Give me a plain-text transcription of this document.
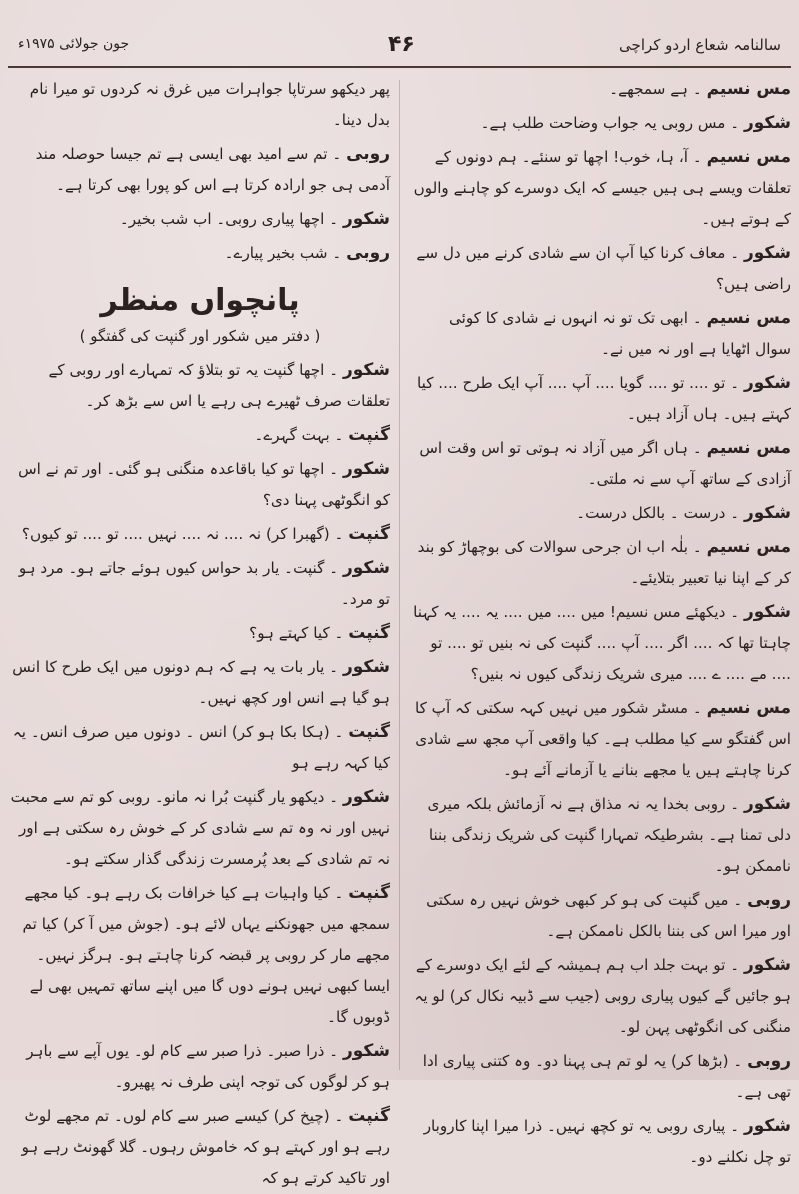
سالنامہ شعاع اردو کراچی
۴۶
جون جولائی ۱۹۷۵ء

مس نسیم ۔ ہے سمجھے۔

شکور ۔ مس روبی یہ جواب وضاحت طلب ہے۔

مس نسیم ۔ آ، ہا، خوب! اچھا تو سنئے۔ ہم دونوں کے تعلقات ویسے ہی ہیں جیسے کہ ایک دوسرے کو چاہنے والوں کے ہوتے ہیں۔

شکور ۔ معاف کرنا کیا آپ ان سے شادی کرنے میں دل سے راضی ہیں؟

مس نسیم ۔ ابھی تک تو نہ انہوں نے شادی کا کوئی سوال اٹھایا ہے اور نہ میں نے۔

شکور ۔ تو .... تو .... گویا .... آپ .... آپ ایک طرح .... کیا کہتے ہیں۔ ہاں آزاد ہیں۔

مس نسیم ۔ ہاں اگر میں آزاد نہ ہوتی تو اس وقت اس آزادی کے ساتھ آپ سے نہ ملتی۔

شکور ۔ درست ۔ بالکل درست۔

مس نسیم ۔ بلٰہ اب ان جرحی سوالات کی بوچھاڑ کو بند کر کے اپنا نیا تعبیر بتلایئے۔

شکور ۔ دیکھئے مس نسیم! میں .... میں .... یہ .... یہ کہنا چاہتا تھا کہ .... اگر .... آپ .... گنپت کی نہ بنیں تو .... تو .... مے .... ے .... میری شریک زندگی کیوں نہ بنیں؟

مس نسیم ۔ مسٹر شکور میں نہیں کہہ سکتی کہ آپ کا اس گفتگو سے کیا مطلب ہے۔ کیا واقعی آپ مجھ سے شادی کرنا چاہتے ہیں یا مجھے بنانے یا آزمانے آئے ہو۔

شکور ۔ روبی بخدا یہ نہ مذاق ہے نہ آزمائش بلکہ میری دلی تمنا ہے۔ بشرطیکہ تمہارا گنپت کی شریک زندگی بننا ناممکن ہو۔

روبی ۔ میں گنپت کی ہو کر کبھی خوش نہیں رہ سکتی اور میرا اس کی بننا بالکل ناممکن ہے۔

شکور ۔ تو بہت جلد اب ہم ہمیشہ کے لئے ایک دوسرے کے ہو جائیں گے کیوں پیاری روبی (جیب سے ڈبیہ نکال کر) لو یہ منگنی کی انگوٹھی پہن لو۔

روبی ۔ (بڑھا کر) یہ لو تم ہی پہنا دو۔ وہ کتنی پیاری ادا تھی ہے۔

شکور ۔ پیاری روبی یہ تو کچھ نہیں۔ ذرا میرا اپنا کاروبار تو چل نکلنے دو۔

پھر دیکھو سرتاپا جواہرات میں غرق نہ کردوں تو میرا نام بدل دینا۔

روبی ۔ تم سے امید بھی ایسی ہے تم جیسا حوصلہ مند آدمی ہی جو ارادہ کرتا ہے اس کو پورا بھی کرتا ہے۔

شکور ۔ اچھا پیاری روبی۔ اب شب بخیر۔

روبی ۔ شب بخیر پیارے۔

پانچواں منظر
( دفتر میں شکور اور گنپت کی گفتگو )

شکور ۔ اچھا گنپت یہ تو بتلاؤ کہ تمہارے اور روبی کے تعلقات صرف ٹھیرے ہی رہے یا اس سے بڑھ کر۔

گنپت ۔ بہت گہرے۔

شکور ۔ اچھا تو کیا باقاعدہ منگنی ہو گئی۔ اور تم نے اس کو انگوٹھی پہنا دی؟

گنپت ۔ (گھبرا کر) نہ .... نہ .... نہیں .... تو .... تو کیوں؟

شکور ۔ گنپت۔ یار بد حواس کیوں ہوئے جاتے ہو۔ مرد ہو تو مرد۔

گنپت ۔ کیا کہتے ہو؟

شکور ۔ یار بات یہ ہے کہ ہم دونوں میں ایک طرح کا انس ہو گیا ہے انس اور کچھ نہیں۔

گنپت ۔ (ہکا بکا ہو کر) انس ۔ دونوں میں صرف انس۔ یہ کیا کہہ رہے ہو

شکور ۔ دیکھو یار گنپت بُرا نہ مانو۔ روبی کو تم سے محبت نہیں اور نہ وہ تم سے شادی کر کے خوش رہ سکتی ہے اور نہ تم شادی کے بعد پُرمسرت زندگی گذار سکتے ہو۔

گنپت ۔ کیا واہیات ہے کیا خرافات بک رہے ہو۔ کیا مجھے سمجھ میں جھونکنے یہاں لائے ہو۔ (جوش میں آ کر) کیا تم مجھے مار کر روبی پر قبضہ کرنا چاہتے ہو۔ ہرگز نہیں۔ ایسا کبھی نہیں ہونے دوں گا میں اپنے ساتھ تمہیں بھی لے ڈوبوں گا۔

شکور ۔ ذرا صبر۔ ذرا صبر سے کام لو۔ یوں آپے سے باہر ہو کر لوگوں کی توجہ اپنی طرف نہ پھیرو۔

گنپت ۔ (چیخ کر) کیسے صبر سے کام لوں۔ تم مجھے لوٹ رہے ہو اور کہتے ہو کہ خاموش رہوں۔ گلا گھونٹ رہے ہو اور تاکید کرتے ہو کہ
